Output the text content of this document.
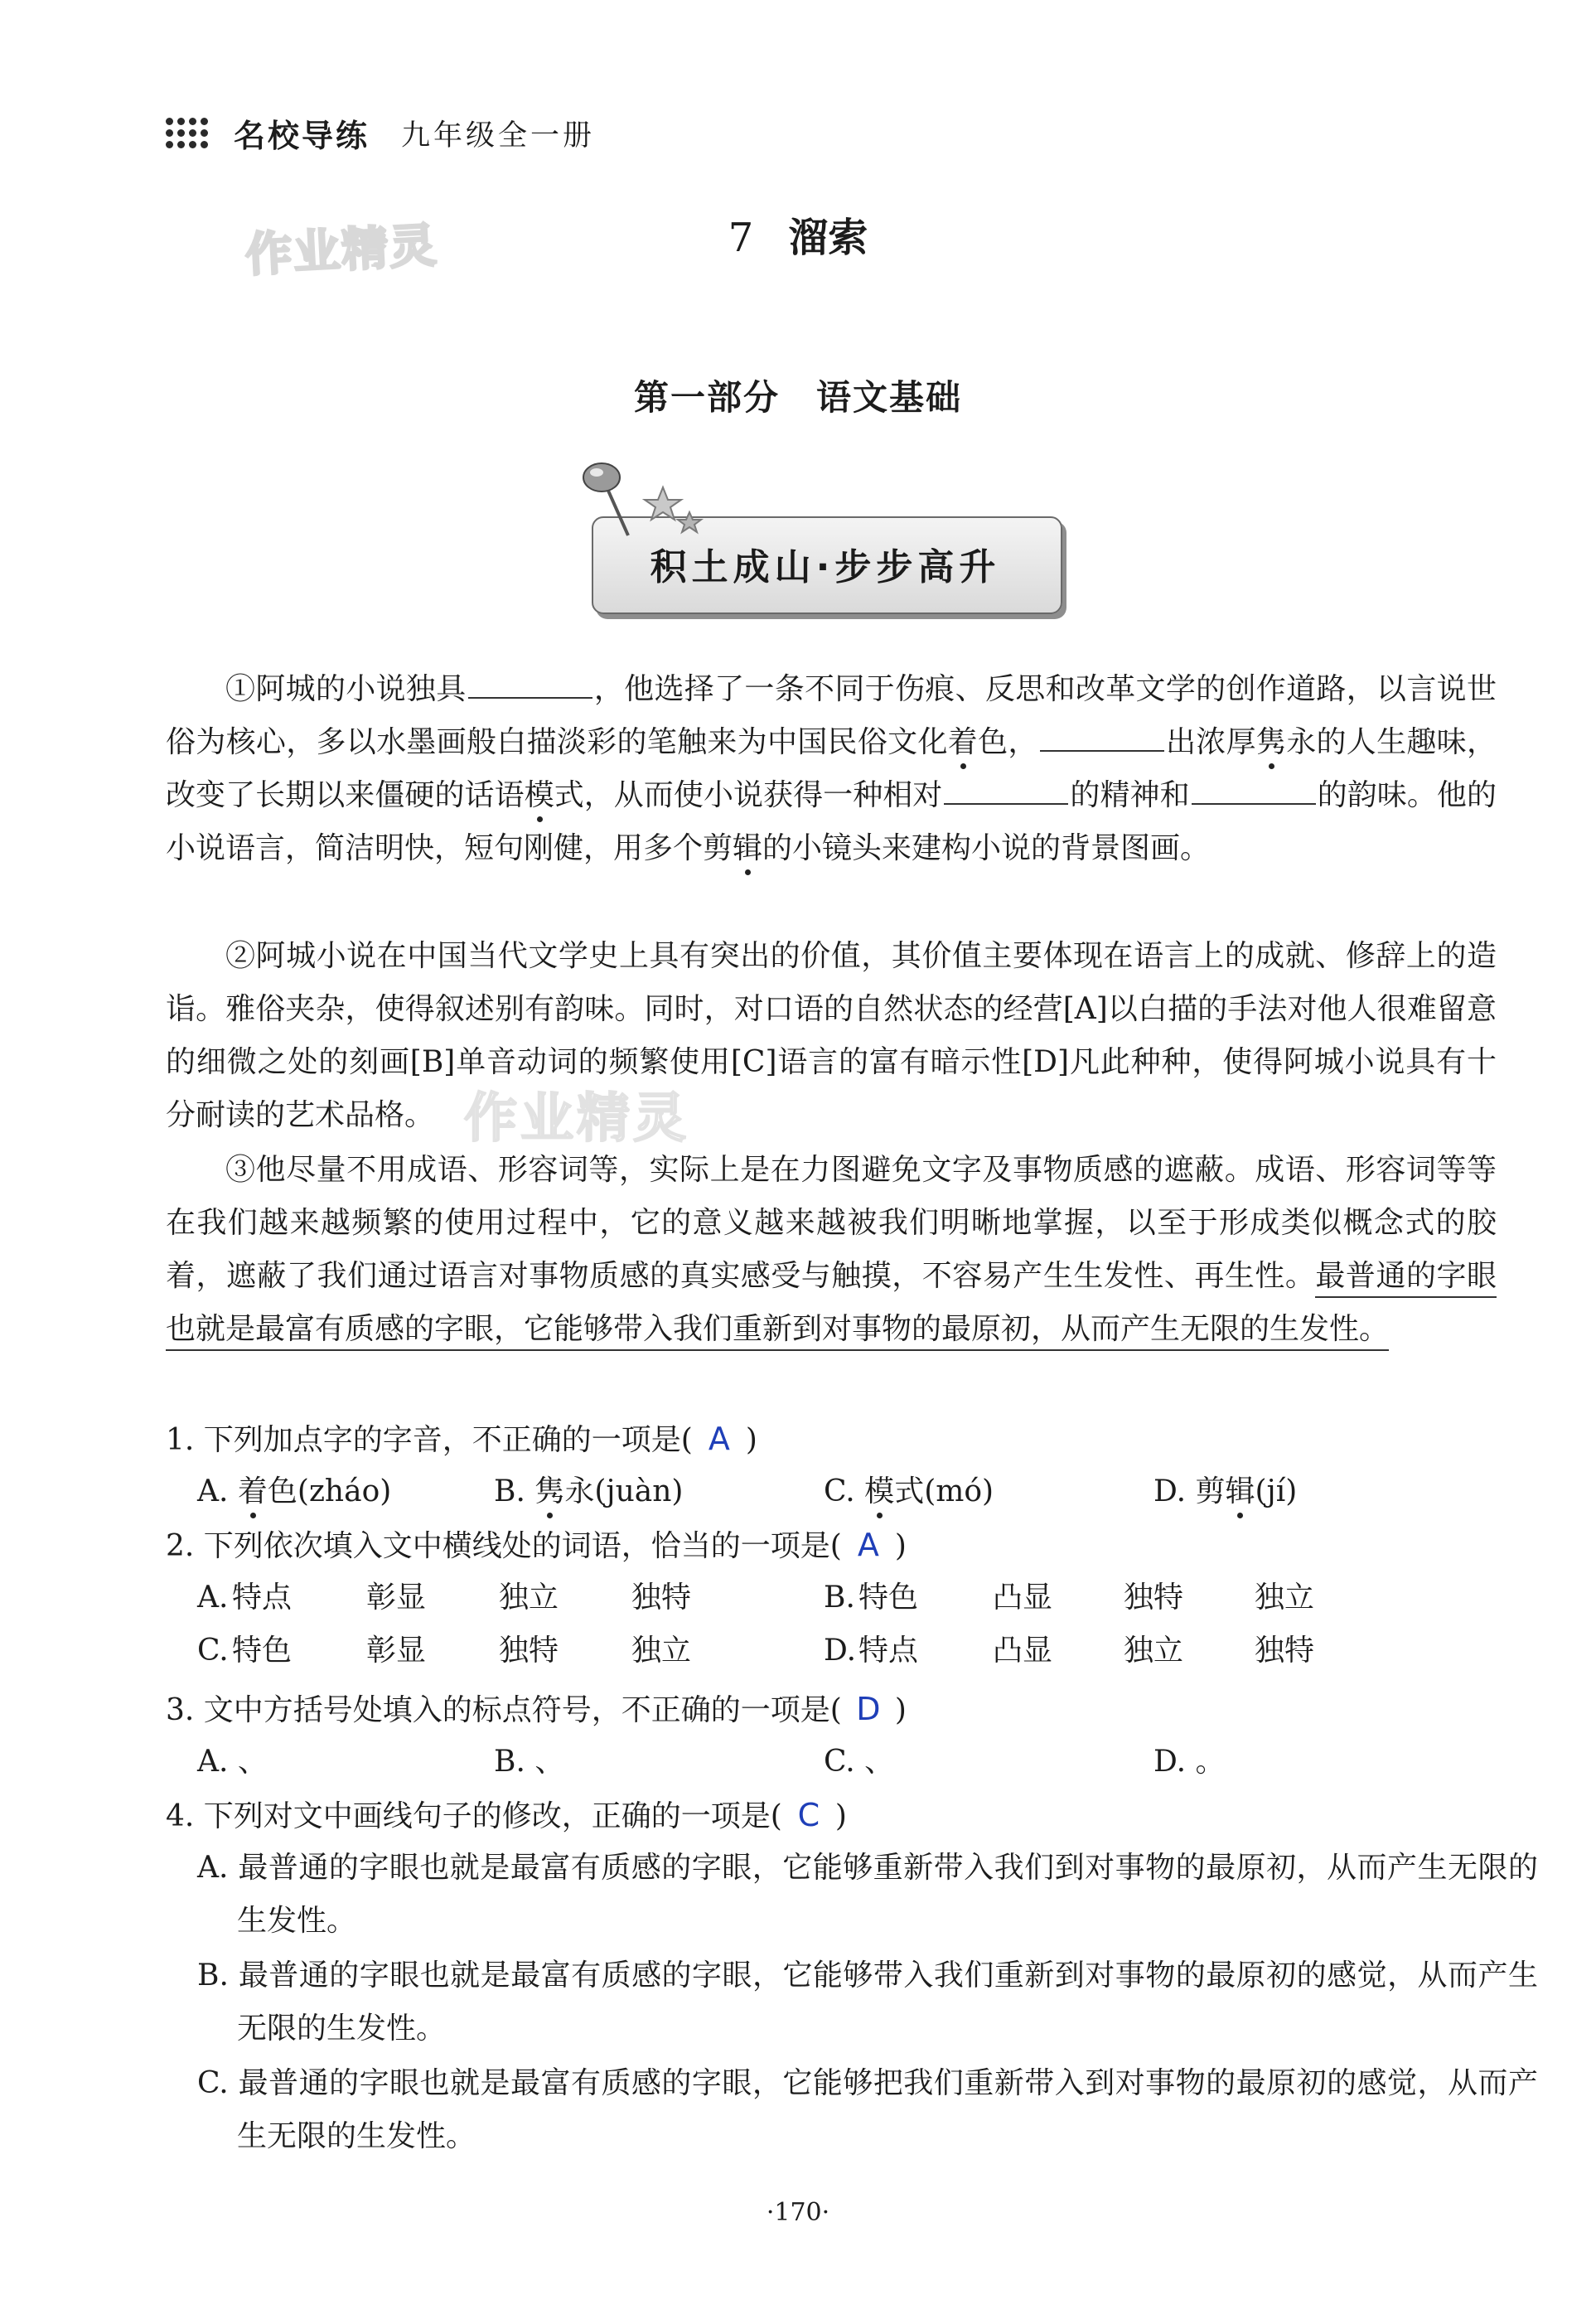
名校导练 九年级全一册
作业精灵
作业精灵
7 溜索
第一部分 语文基础
积土成山·步步高升
①阿城的小说独具	，他选择了一条不同于伤痕、反思和改革文学的创作道路，以言说世俗为核心，多以水墨画般白描淡彩的笔触来为中国民俗文化着色，	出浓厚隽永的人生趣味，改变了长期以来僵硬的话语模式，从而使小说获得一种相对	的精神和	的韵味。他的小说语言，简洁明快，短句刚健，用多个剪辑的小镜头来建构小说的背景图画。
②阿城小说在中国当代文学史上具有突出的价值，其价值主要体现在语言上的成就、修辞上的造诣。雅俗夹杂，使得叙述别有韵味。同时，对口语的自然状态的经营[A]以白描的手法对他人很难留意的细微之处的刻画[B]单音动词的频繁使用[C]语言的富有暗示性[D]凡此种种，使得阿城小说具有十分耐读的艺术品格。
③他尽量不用成语、形容词等，实际上是在力图避免文字及事物质感的遮蔽。成语、形容词等等在我们越来越频繁的使用过程中，它的意义越来越被我们明晰地掌握，以至于形成类似概念式的胶着，遮蔽了我们通过语言对事物质感的真实感受与触摸，不容易产生生发性、再生性。最普通的字眼也就是最富有质感的字眼，它能够带入我们重新到对事物的最原初，从而产生无限的生发性。
1. 下列加点字的字音，不正确的一项是( A )
A. 着色(zháo)	B. 隽永(juàn)	C. 模式(mó)	D. 剪辑(jí)
2. 下列依次填入文中横线处的词语，恰当的一项是( A )
A. 特点 彰显 独立 独特	B. 特色 凸显 独特 独立
C. 特色 彰显 独特 独立	D. 特点 凸显 独立 独特
3. 文中方括号处填入的标点符号，不正确的一项是( D )
A. 、	B. 、	C. 、	D. 。
4. 下列对文中画线句子的修改，正确的一项是( C )
A. 最普通的字眼也就是最富有质感的字眼，它能够重新带入我们到对事物的最原初，从而产生无限的生发性。
B. 最普通的字眼也就是最富有质感的字眼，它能够带入我们重新到对事物的最原初的感觉，从而产生无限的生发性。
C. 最普通的字眼也就是最富有质感的字眼，它能够把我们重新带入到对事物的最原初的感觉，从而产生无限的生发性。
·170·
